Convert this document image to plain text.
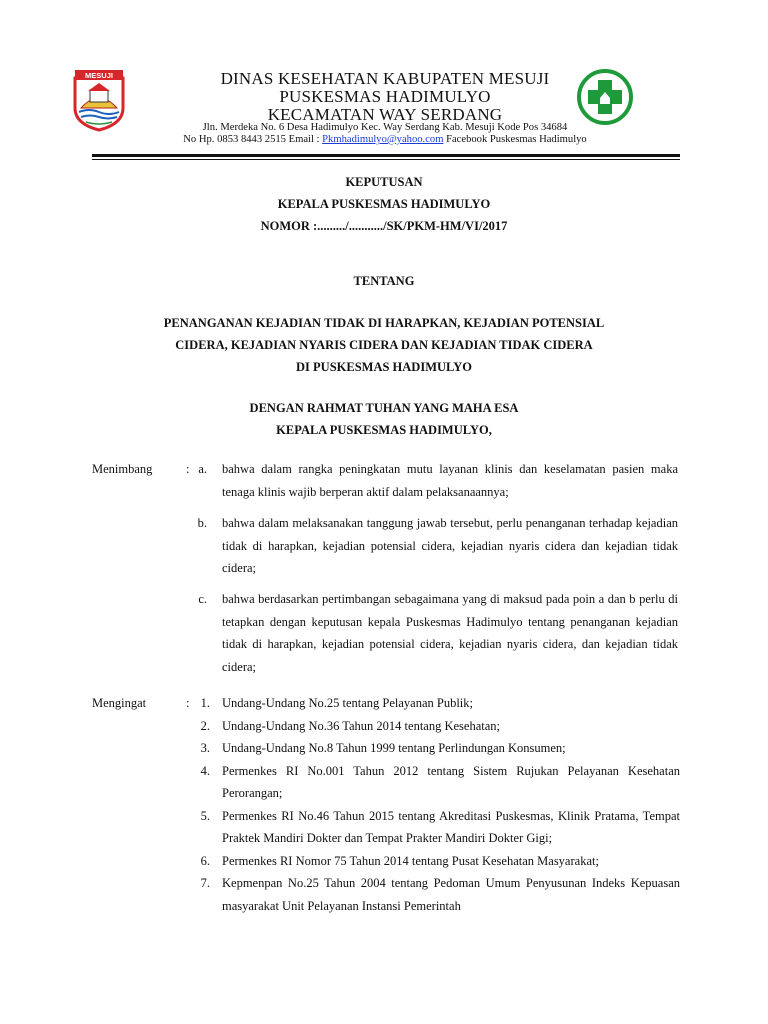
MESUJI	DINAS KESEHATAN KABUPATEN MESUJI
PUSKESMAS HADIMULYO
KECAMATAN WAY SERDANG
Jln. Merdeka No. 6 Desa Hadimulyo Kec. Way Serdang Kab. Mesuji Kode Pos 34684
No Hp. 0853 8443 2515 Email : Pkmhadimulyo@yahoo.com Facebook Puskesmas Hadimulyo
KEPUTUSAN
KEPALA PUSKESMAS HADIMULYO
NOMOR :........./.........../SK/PKM-HM/VI/2017
TENTANG
PENANGANAN KEJADIAN TIDAK DI HARAPKAN, KEJADIAN POTENSIAL
CIDERA, KEJADIAN NYARIS CIDERA DAN KEJADIAN TIDAK CIDERA
DI PUSKESMAS HADIMULYO
DENGAN RAHMAT TUHAN YANG MAHA ESA
KEPALA PUSKESMAS HADIMULYO,
Menimbang	: a. bahwa dalam rangka peningkatan mutu layanan klinis dan keselamatan pasien maka tenaga klinis wajib berperan aktif dalam pelaksanaannya;
b. bahwa dalam melaksanakan tanggung jawab tersebut, perlu penanganan terhadap kejadian tidak di harapkan, kejadian potensial cidera, kejadian nyaris cidera dan kejadian tidak cidera;
c. bahwa berdasarkan pertimbangan sebagaimana yang di maksud pada poin a dan b perlu di tetapkan dengan keputusan kepala Puskesmas Hadimulyo tentang penanganan kejadian tidak di harapkan, kejadian potensial cidera, kejadian nyaris cidera, dan kejadian tidak cidera;
Mengingat	: 1. Undang-Undang No.25 tentang Pelayanan Publik;
2. Undang-Undang No.36 Tahun 2014 tentang Kesehatan;
3. Undang-Undang No.8 Tahun 1999 tentang Perlindungan Konsumen;
4. Permenkes RI No.001 Tahun 2012 tentang Sistem Rujukan Pelayanan Kesehatan Perorangan;
5. Permenkes RI No.46 Tahun 2015 tentang Akreditasi Puskesmas, Klinik Pratama, Tempat Praktek Mandiri Dokter dan Tempat Prakter Mandiri Dokter Gigi;
6. Permenkes RI Nomor 75 Tahun 2014 tentang Pusat Kesehatan Masyarakat;
7. Kepmenpan No.25 Tahun 2004 tentang Pedoman Umum Penyusunan Indeks Kepuasan masyarakat Unit Pelayanan Instansi Pemerintah
